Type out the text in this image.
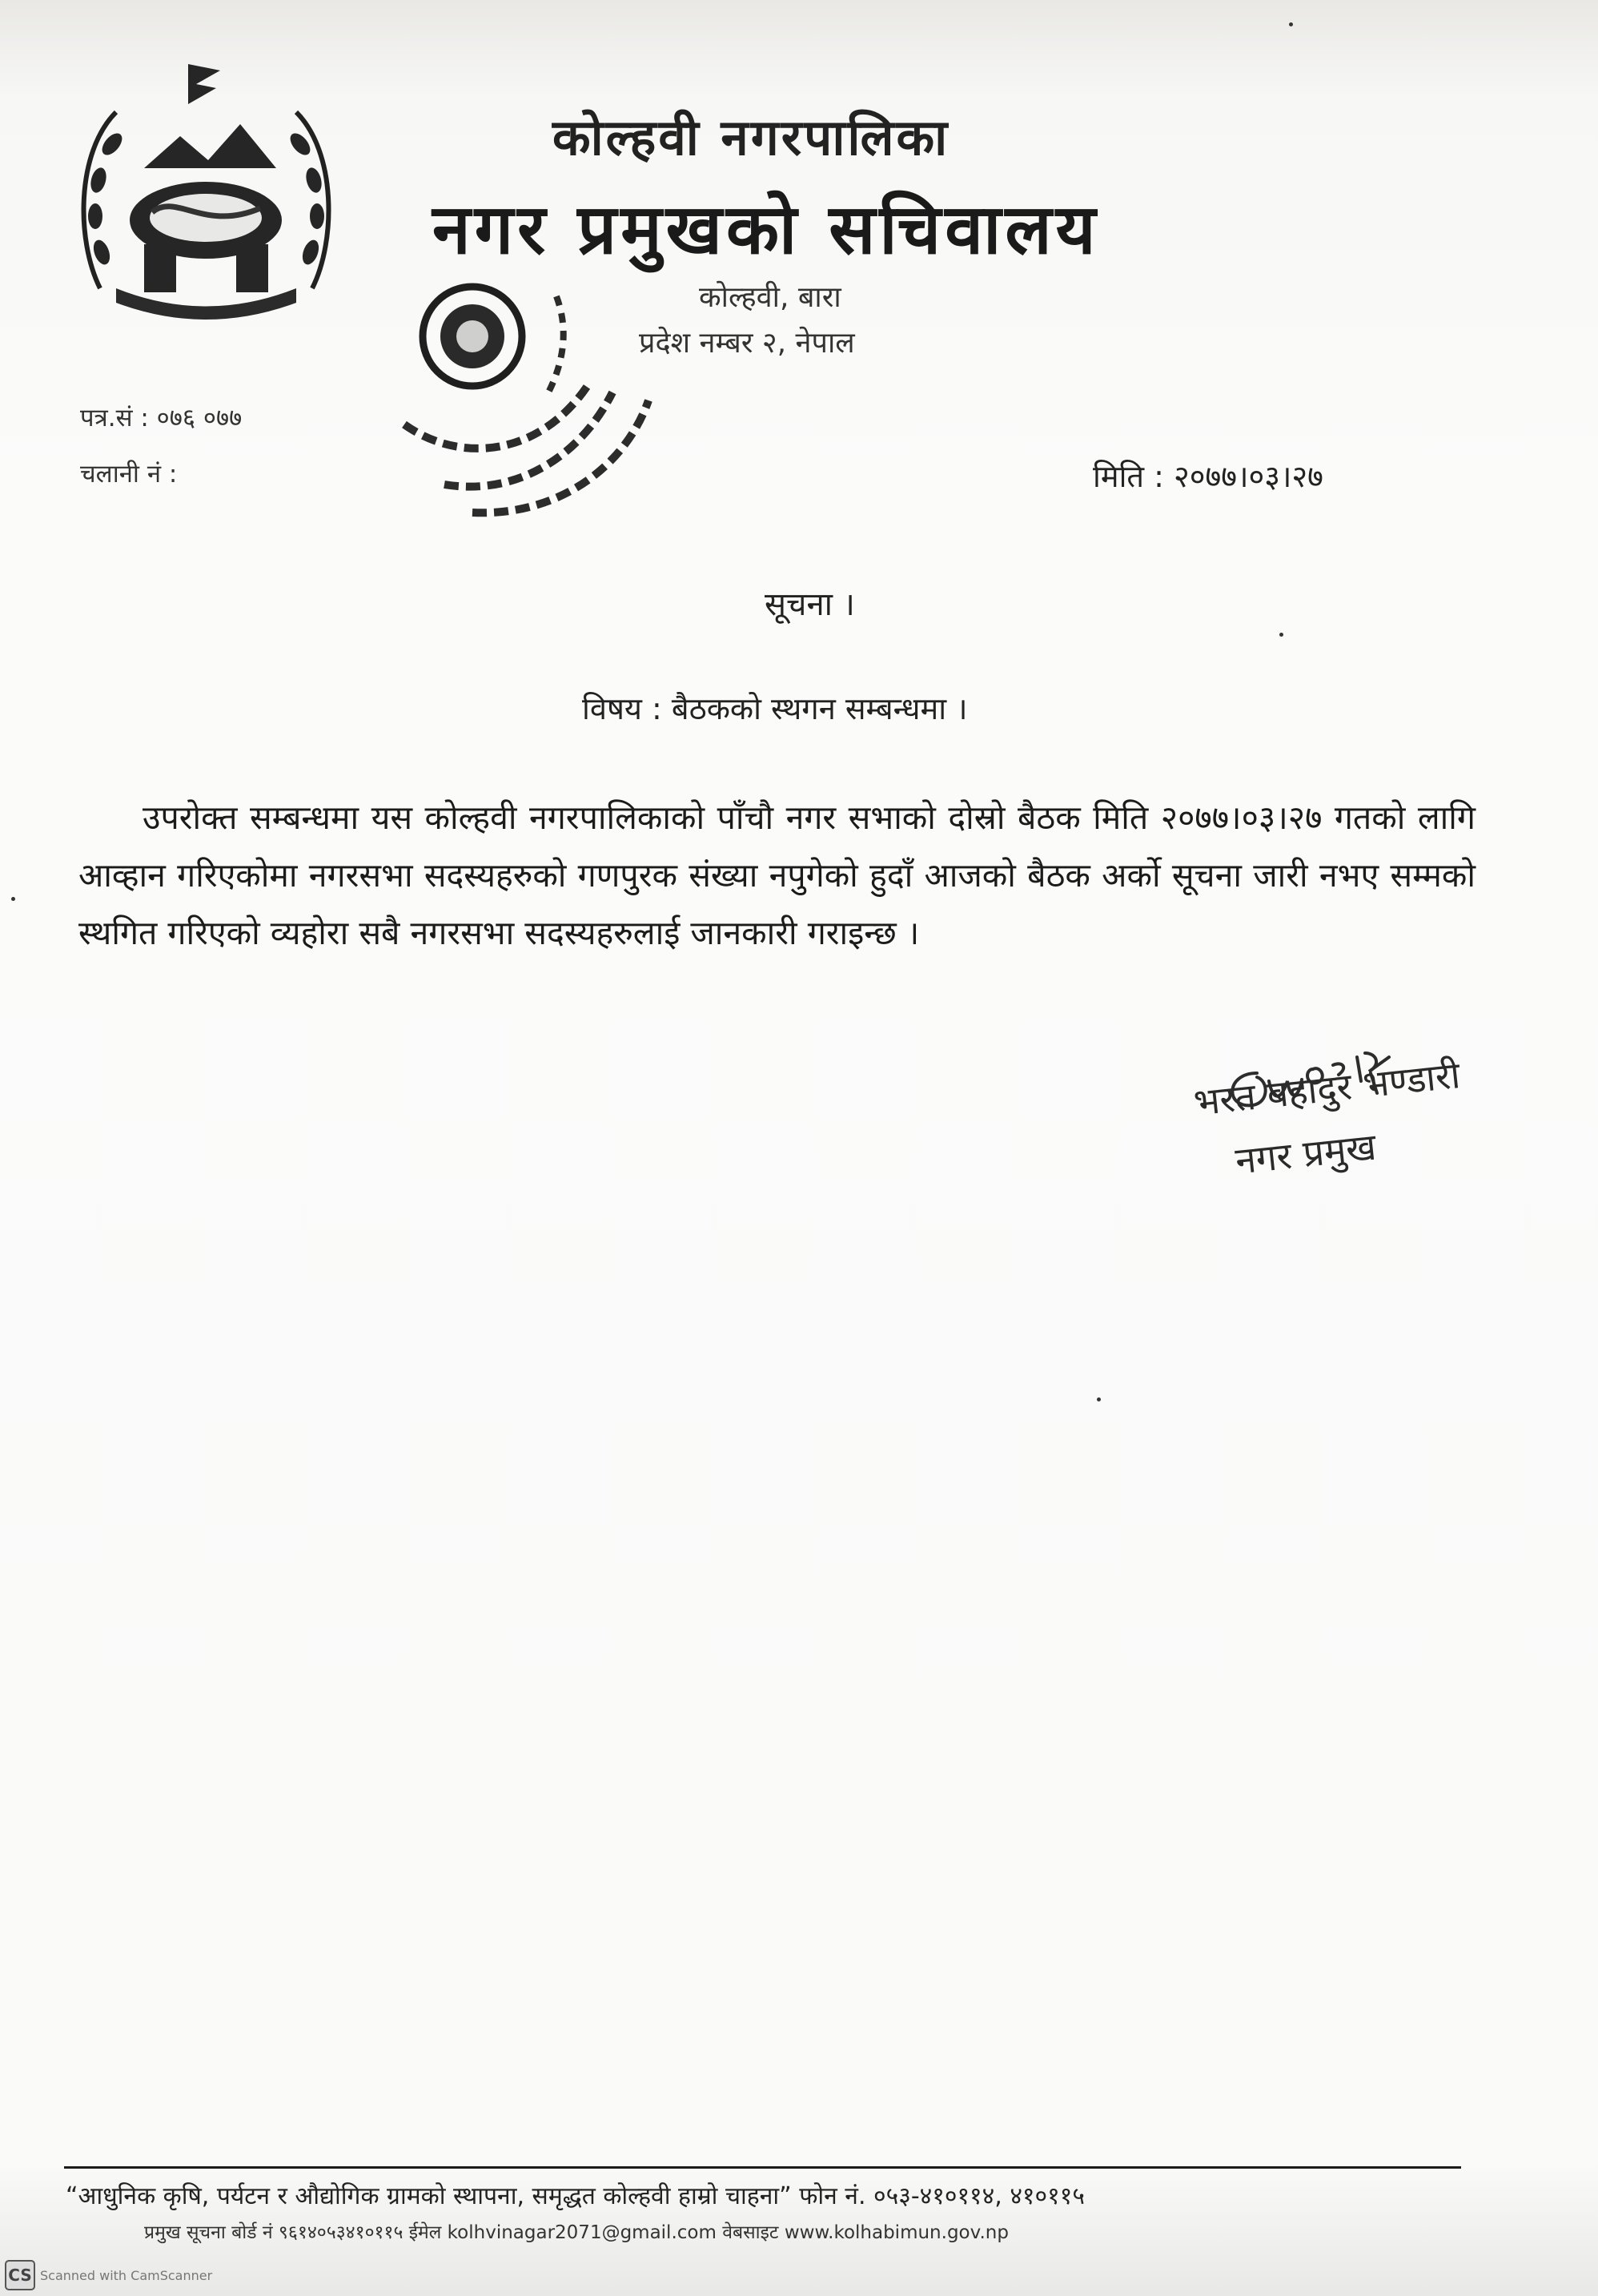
कोल्हवी नगरपालिका
नगर प्रमुखको सचिवालय
कोल्हवी, बारा
प्रदेश नम्बर २, नेपाल
पत्र.सं : ०७६ ०७७
चलानी नं :	मिति : २०७७।०३।२७
सूचना ।
विषय : बैठकको स्थगन सम्बन्धमा ।
उपरोक्त सम्बन्धमा यस कोल्हवी नगरपालिकाको पाँचौ नगर सभाको दोस्रो बैठक मिति २०७७।०३।२७ गतको लागि आव्हान गरिएकोमा नगरसभा सदस्यहरुको गणपुरक संख्या नपुगेको हुदाँ आजको बैठक अर्को सूचना जारी नभए सम्मको स्थगित गरिएको व्यहोरा सबै नगरसभा सदस्यहरुलाई जानकारी गराइन्छ ।
भरत बहादुर भण्डारी
नगर प्रमुख
“आधुनिक कृषि, पर्यटन र औद्योगिक ग्रामको स्थापना, समृद्धत कोल्हवी हाम्रो चाहना” फोन नं. ०५३-४१०११४, ४१०११५
प्रमुख सूचना बोर्ड नं ९६१४०५३४१०११५ ईमेल kolhvinagar2071@gmail.com वेबसाइट www.kolhabimun.gov.np
CS Scanned with CamScanner
